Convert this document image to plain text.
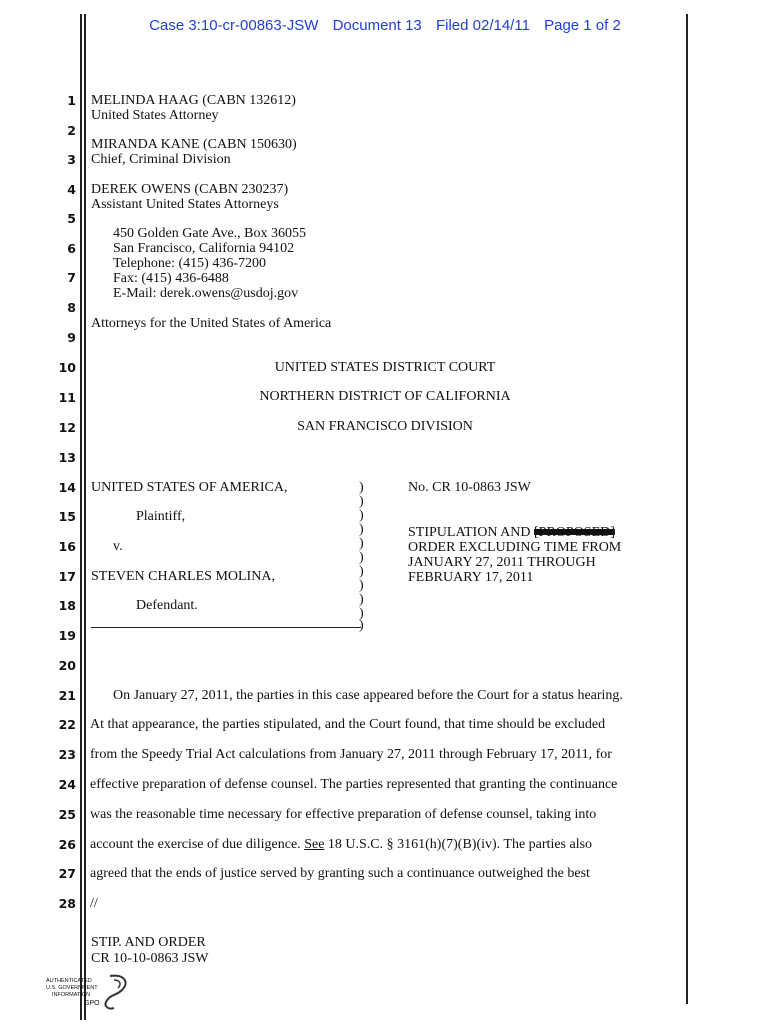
Case 3:10-cr-00863-JSW Document 13 Filed 02/14/11 Page 1 of 2
1
2
3
4
5
6
7
8
9
10
11
12
13
14
15
16
17
18
19
20
21
22
23
24
25
26
27
28
MELINDA HAAG (CABN 132612)
United States Attorney
MIRANDA KANE (CABN 150630)
Chief, Criminal Division
DEREK OWENS (CABN 230237)
Assistant United States Attorneys
450 Golden Gate Ave., Box 36055
San Francisco, California 94102
Telephone: (415) 436-7200
Fax: (415) 436-6488
E-Mail: derek.owens@usdoj.gov
Attorneys for the United States of America
UNITED STATES DISTRICT COURT
NORTHERN DISTRICT OF CALIFORNIA
SAN FRANCISCO DIVISION
UNITED STATES OF AMERICA,
Plaintiff,
v.
STEVEN CHARLES MOLINA,
Defendant.
)
)
)
)
)
)
)
)
)
)
)
No. CR 10-0863 JSW
STIPULATION AND [PROPOSED]
ORDER EXCLUDING TIME FROM
JANUARY 27, 2011 THROUGH
FEBRUARY 17, 2011
On January 27, 2011, the parties in this case appeared before the Court for a status hearing.
At that appearance, the parties stipulated, and the Court found, that time should be excluded
from the Speedy Trial Act calculations from January 27, 2011 through February 17, 2011, for
effective preparation of defense counsel. The parties represented that granting the continuance
was the reasonable time necessary for effective preparation of defense counsel, taking into
account the exercise of due diligence. See 18 U.S.C. § 3161(h)(7)(B)(iv). The parties also
agreed that the ends of justice served by granting such a continuance outweighed the best
//
STIP. AND ORDER
CR 10-10-0863 JSW
AUTHENTICATED
U.S. GOVERNMENT
INFORMATION
GPO
